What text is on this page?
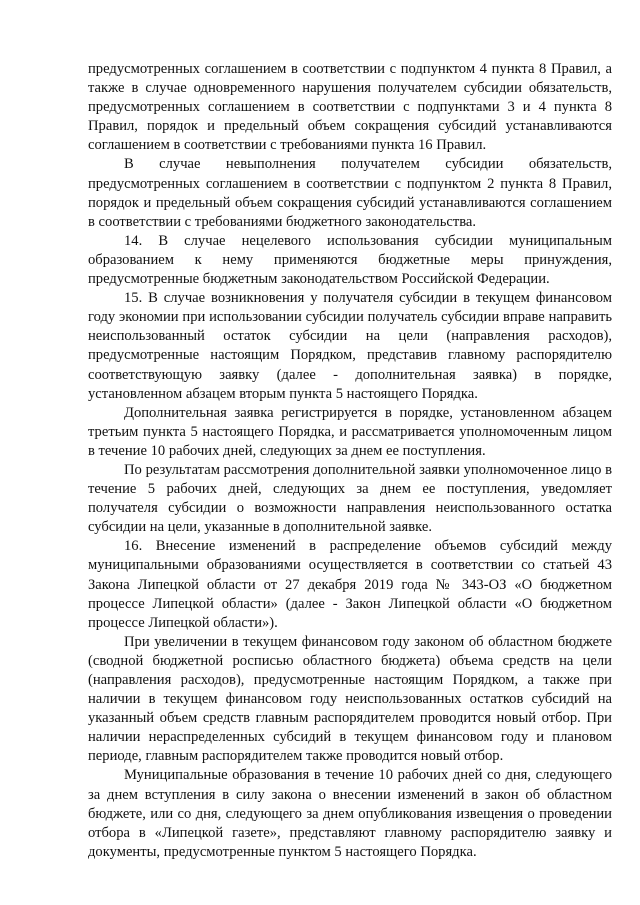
предусмотренных соглашением в соответствии с подпунктом 4 пункта 8 Правил, а также в случае одновременного нарушения получателем субсидии обязательств, предусмотренных соглашением в соответствии с подпунктами 3 и 4 пункта 8 Правил, порядок и предельный объем сокращения субсидий устанавливаются соглашением в соответствии с требованиями пункта 16 Правил.

В случае невыполнения получателем субсидии обязательств, предусмотренных соглашением в соответствии с подпунктом 2 пункта 8 Правил, порядок и предельный объем сокращения субсидий устанавливаются соглашением в соответствии с требованиями бюджетного законодательства.

14. В случае нецелевого использования субсидии муниципальным образованием к нему применяются бюджетные меры принуждения, предусмотренные бюджетным законодательством Российской Федерации.

15. В случае возникновения у получателя субсидии в текущем финансовом году экономии при использовании субсидии получатель субсидии вправе направить неиспользованный остаток субсидии на цели (направления расходов), предусмотренные настоящим Порядком, представив главному распорядителю соответствующую заявку (далее - дополнительная заявка) в порядке, установленном абзацем вторым пункта 5 настоящего Порядка.

Дополнительная заявка регистрируется в порядке, установленном абзацем третьим пункта 5 настоящего Порядка, и рассматривается уполномоченным лицом в течение 10 рабочих дней, следующих за днем ее поступления.

По результатам рассмотрения дополнительной заявки уполномоченное лицо в течение 5 рабочих дней, следующих за днем ее поступления, уведомляет получателя субсидии о возможности направления неиспользованного остатка субсидии на цели, указанные в дополнительной заявке.

16. Внесение изменений в распределение объемов субсидий между муниципальными образованиями осуществляется в соответствии со статьей 43 Закона Липецкой области от 27 декабря 2019 года № 343-ОЗ «О бюджетном процессе Липецкой области» (далее - Закон Липецкой области «О бюджетном процессе Липецкой области»).

При увеличении в текущем финансовом году законом об областном бюджете (сводной бюджетной росписью областного бюджета) объема средств на цели (направления расходов), предусмотренные настоящим Порядком, а также при наличии в текущем финансовом году неиспользованных остатков субсидий на указанный объем средств главным распорядителем проводится новый отбор. При наличии нераспределенных субсидий в текущем финансовом году и плановом периоде, главным распорядителем также проводится новый отбор.

Муниципальные образования в течение 10 рабочих дней со дня, следующего за днем вступления в силу закона о внесении изменений в закон об областном бюджете, или со дня, следующего за днем опубликования извещения о проведении отбора в «Липецкой газете», представляют главному распорядителю заявку и документы, предусмотренные пунктом 5 настоящего Порядка.
